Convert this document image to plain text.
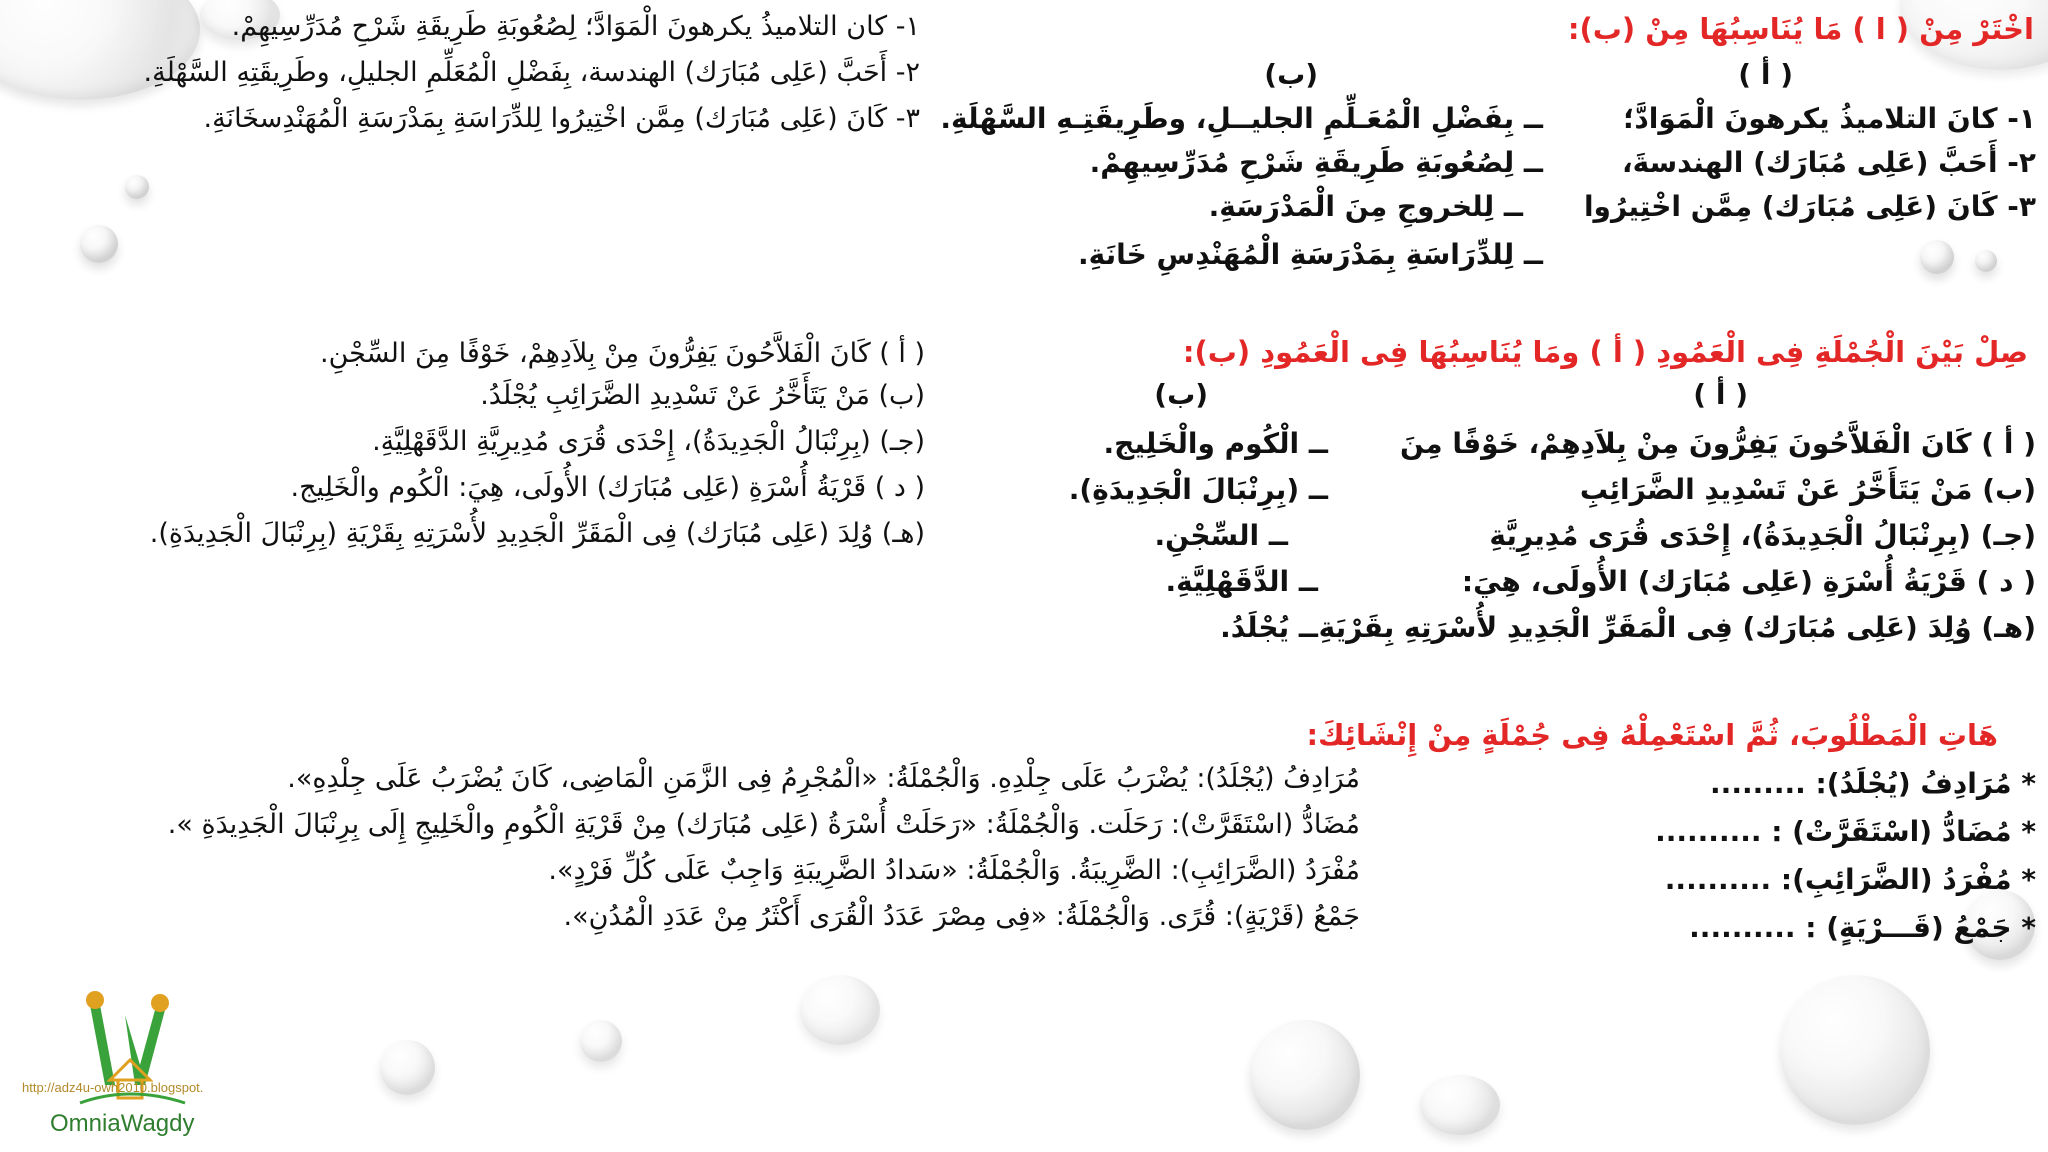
اخْتَرْ مِنْ ( ا ) مَا يُنَاسِبُهَا مِنْ (ب):
( أ )
(ب)
١- كانَ التلاميذُ يكرهونَ الْمَوَادَّ؛
٢- أَحَبَّ (عَلِى مُبَارَك) الهندسةَ،
٣- كَانَ (عَلِى مُبَارَك) مِمَّن اخْتِيرُوا
ــ بِفَضْلِ الْمُعَـلِّمِ الجليــلِ، وطَرِيقَتِـهِ السَّهْلَةِ.
ــ لِصُعُوبَةِ طَرِيقَةِ شَرْحِ مُدَرِّسِيهِمْ.
ــ لِلخروجِ مِنَ الْمَدْرَسَةِ.
ــ لِلدِّرَاسَةِ بِمَدْرَسَةِ الْمُهَنْدِسِ خَانَةِ.
١- كان التلاميذُ يكرهونَ الْمَوَادَّ؛ لِصُعُوبَةِ طَرِيقَةِ شَرْحِ مُدَرِّسِيهِمْ.
٢- أَحَبَّ (عَلِى مُبَارَك) الهندسة، بِفَضْلِ الْمُعَلِّمِ الجليلِ، وطَرِيقَتِهِ السَّهْلَةِ.
٣- كَانَ (عَلِى مُبَارَك) مِمَّن اخْتِيرُوا لِلدِّرَاسَةِ بِمَدْرَسَةِ الْمُهَنْدِسخَانَةِ.
صِلْ بَيْنَ الْجُمْلَةِ فِى الْعَمُودِ ( أ ) ومَا يُنَاسِبُهَا فِى الْعَمُودِ (ب):
( أ )
(ب)
( أ ) كَانَ الْفَلاَّحُونَ يَفِرُّونَ مِنْ بِلاَدِهِمْ، خَوْفًا مِنَ
(ب) مَنْ يَتَأَخَّرُ عَنْ تَسْدِيدِ الضَّرَائِبِ
(جـ) (بِرِنْبَالُ الْجَدِيدَةُ)، إِحْدَى قُرَى مُدِيرِيَّةِ
( د ) قَرْيَةُ أُسْرَةِ (عَلِى مُبَارَك) الأُولَى، هِيَ:
(هـ) وُلِدَ (عَلِى مُبَارَك) فِى الْمَقَرِّ الْجَدِيدِ لأُسْرَتِهِ بِقَرْيَةِ
ــ الْكُوم والْخَلِيج.
ــ (بِرِنْبَالَ الْجَدِيدَةِ).
ــ السِّجْنِ.
ــ الدَّقَهْلِيَّةِ.
ــ يُجْلَدُ.
( أ ) كَانَ الْفَلاَّحُونَ يَفِرُّونَ مِنْ بِلاَدِهِمْ، خَوْفًا مِنَ السِّجْنِ.
(ب) مَنْ يَتَأَخَّرُ عَنْ تَسْدِيدِ الضَّرَائِبِ يُجْلَدُ.
(جـ) (بِرِنْبَالُ الْجَدِيدَةُ)، إِحْدَى قُرَى مُدِيرِيَّةِ الدَّقَهْلِيَّةِ.
( د ) قَرْيَةُ أُسْرَةِ (عَلِى مُبَارَك) الأُولَى، هِيَ: الْكُوم والْخَلِيج.
(هـ) وُلِدَ (عَلِى مُبَارَك) فِى الْمَقَرِّ الْجَدِيدِ لأُسْرَتِهِ بِقَرْيَةِ (بِرِنْبَالَ الْجَدِيدَةِ).
هَاتِ الْمَطْلُوبَ، ثُمَّ اسْتَعْمِلْهُ فِى جُمْلَةٍ مِنْ إِنْشَائِكَ:
* مُرَادِفُ (يُجْلَدُ): .........
* مُضَادُّ (اسْتَقَرَّتْ) : ..........
* مُفْرَدُ (الضَّرَائِبِ): ..........
* جَمْعُ (قَـــرْيَةٍ) : ..........
مُرَادِفُ (يُجْلَدُ): يُضْرَبُ عَلَى جِلْدِهِ. وَالْجُمْلَةُ: «الْمُجْرِمُ فِى الزَّمَنِ الْمَاضِى، كَانَ يُضْرَبُ عَلَى جِلْدِهِ».
مُضَادُّ (اسْتَقَرَّتْ): رَحَلَت. وَالْجُمْلَةُ: «رَحَلَتْ أُسْرَةُ (عَلِى مُبَارَك) مِنْ قَرْيَةِ الْكُومِ والْخَلِيجِ إِلَى بِرِنْبَالَ الْجَدِيدَةِ ».
مُفْرَدُ (الضَّرَائِبِ): الضَّرِيبَةُ. وَالْجُمْلَةُ: «سَدادُ الضَّرِيبَةِ وَاجِبٌ عَلَى كُلِّ فَرْدٍ».
جَمْعُ (قَرْيَةٍ): قُرًى. وَالْجُمْلَةُ: «فِى مِصْرَ عَدَدُ الْقُرَى أَكْثَرُ مِنْ عَدَدِ الْمُدُنِ».
http://adz4u-owh2010.blogspot.
OmniaWagdy
